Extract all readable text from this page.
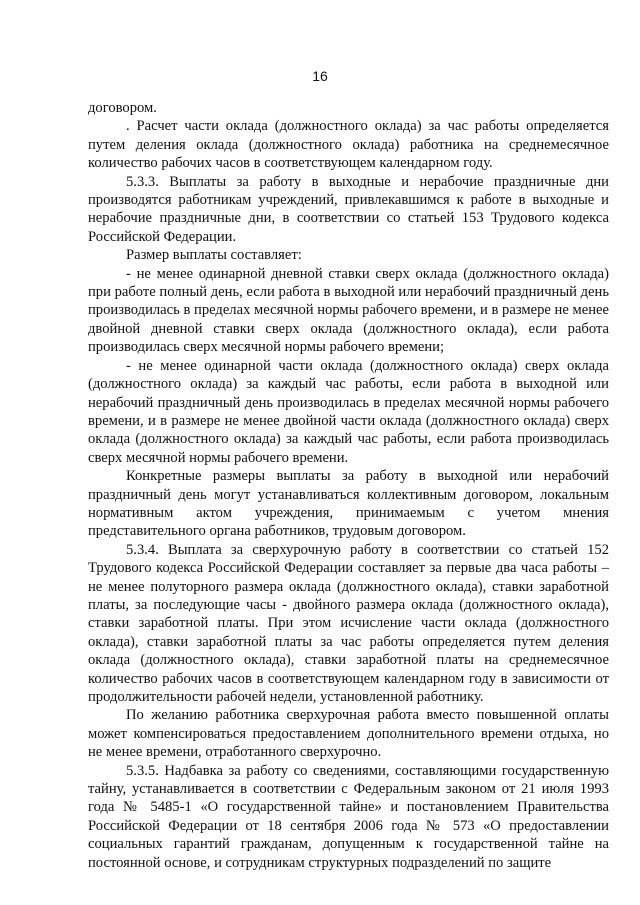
16

договором.

. Расчет части оклада (должностного оклада) за час работы определяется путем деления оклада (должностного оклада) работника на среднемесячное количество рабочих часов в соответствующем календарном году.

5.3.3. Выплаты за работу в выходные и нерабочие праздничные дни производятся работникам учреждений, привлекавшимся к работе в выходные и нерабочие праздничные дни, в соответствии со статьей 153 Трудового кодекса Российской Федерации.

Размер выплаты составляет:

- не менее одинарной дневной ставки сверх оклада (должностного оклада) при работе полный день, если работа в выходной или нерабочий праздничный день производилась в пределах месячной нормы рабочего времени, и в размере не менее двойной дневной ставки сверх оклада (должностного оклада), если работа производилась сверх месячной нормы рабочего времени;

- не менее одинарной части оклада (должностного оклада) сверх оклада (должностного оклада) за каждый час работы, если работа в выходной или нерабочий праздничный день производилась в пределах месячной нормы рабочего времени, и в размере не менее двойной части оклада (должностного оклада) сверх оклада (должностного оклада) за каждый час работы, если работа производилась сверх месячной нормы рабочего времени.

Конкретные размеры выплаты за работу в выходной или нерабочий праздничный день могут устанавливаться коллективным договором, локальным нормативным актом учреждения, принимаемым с учетом мнения представительного органа работников, трудовым договором.

5.3.4. Выплата за сверхурочную работу в соответствии со статьей 152 Трудового кодекса Российской Федерации составляет за первые два часа работы – не менее полуторного размера оклада (должностного оклада), ставки заработной платы, за последующие часы - двойного размера оклада (должностного оклада), ставки заработной платы. При этом исчисление части оклада (должностного оклада), ставки заработной платы за час работы определяется путем деления оклада (должностного оклада), ставки заработной платы на среднемесячное количество рабочих часов в соответствующем календарном году в зависимости от продолжительности рабочей недели, установленной работнику.

По желанию работника сверхурочная работа вместо повышенной оплаты может компенсироваться предоставлением дополнительного времени отдыха, но не менее времени, отработанного сверхурочно.

5.3.5. Надбавка за работу со сведениями, составляющими государственную тайну, устанавливается в соответствии с Федеральным законом от 21 июля 1993 года № 5485-1 «О государственной тайне» и постановлением Правительства Российской Федерации от 18 сентября 2006 года № 573 «О предоставлении социальных гарантий гражданам, допущенным к государственной тайне на постоянной основе, и сотрудникам структурных подразделений по защите
